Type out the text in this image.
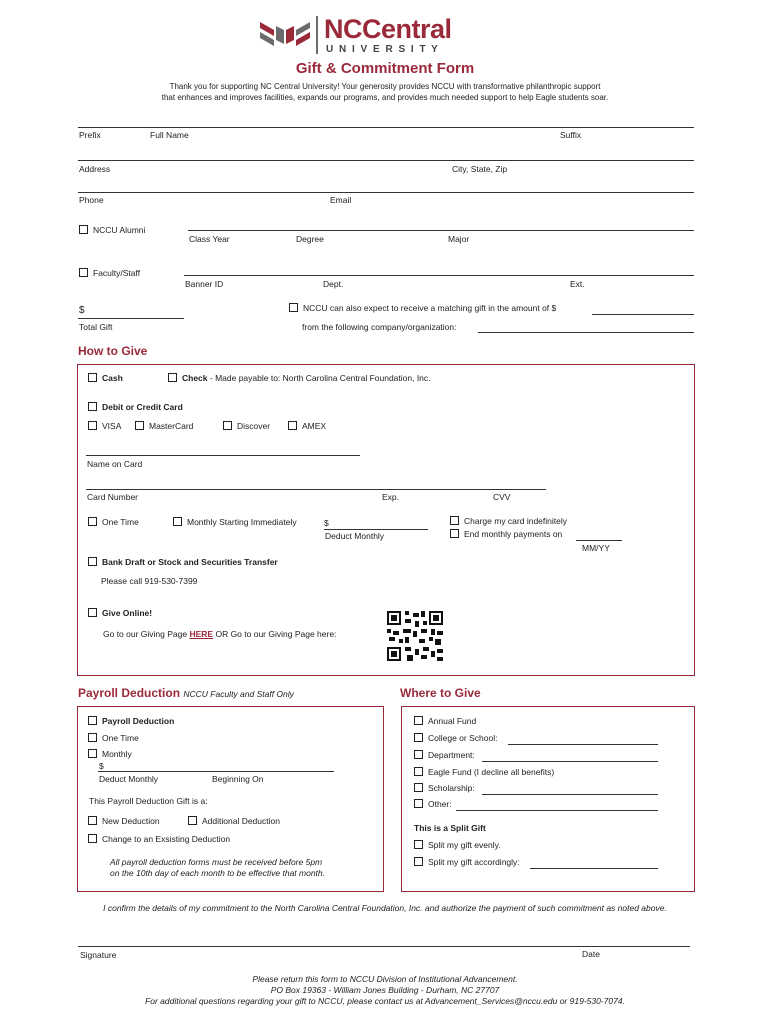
NCCentral
U N I V E R S I T Y
Gift & Commitment Form
Thank you for supporting NC Central University! Your generosity provides NCCU with transformative philanthropic support
that enhances and improves facilities, expands our programs, and provides much needed support to help Eagle students soar.
Prefix	Full Name	Suffix
Address	City, State, Zip
Phone	Email
NCCU Alumni
Class Year	Degree	Major
Faculty/Staff
Banner ID	Dept.	Ext.
$
Total Gift
NCCU can also expect to receive a matching gift in the amount of $
from the following company/organization:
How to Give
Cash	Check - Made payable to: North Carolina Central Foundation, Inc.
Debit or Credit Card
VISA	MasterCard	Discover	AMEX
Name on Card
Card Number	Exp.	CVV
One Time	Monthly Starting Immediately	$
Deduct Monthly
Charge my card indefinitely
End monthly payments on
MM/YY
Bank Draft or Stock and Securities Transfer
Please call 919-530-7399
Give Online!
Go to our Giving Page HERE OR Go to our Giving Page here:
Payroll Deduction NCCU Faculty and Staff Only
Payroll Deduction
One Time
Monthly
$
Deduct Monthly	Beginning On
This Payroll Deduction Gift is a:
New Deduction	Additional Deduction
Change to an Exsisting Deduction
All payroll deduction forms must be received before 5pm
on the 10th day of each month to be effective that month.
Where to Give
Annual Fund
College or School:
Department:
Eagle Fund (I decline all benefits)
Scholarship:
Other:
This is a Split Gift
Split my gift evenly.
Split my gift accordingly:
I confirm the details of my commitment to the North Carolina Central Foundation, Inc. and authorize the payment of such commitment as noted above.
Signature	Date
Please return this form to NCCU Division of Institutional Advancement.
PO Box 19363 - William Jones Building - Durham, NC 27707
For additional questions regarding your gift to NCCU, please contact us at Advancement_Services@nccu.edu or 919-530-7074.
